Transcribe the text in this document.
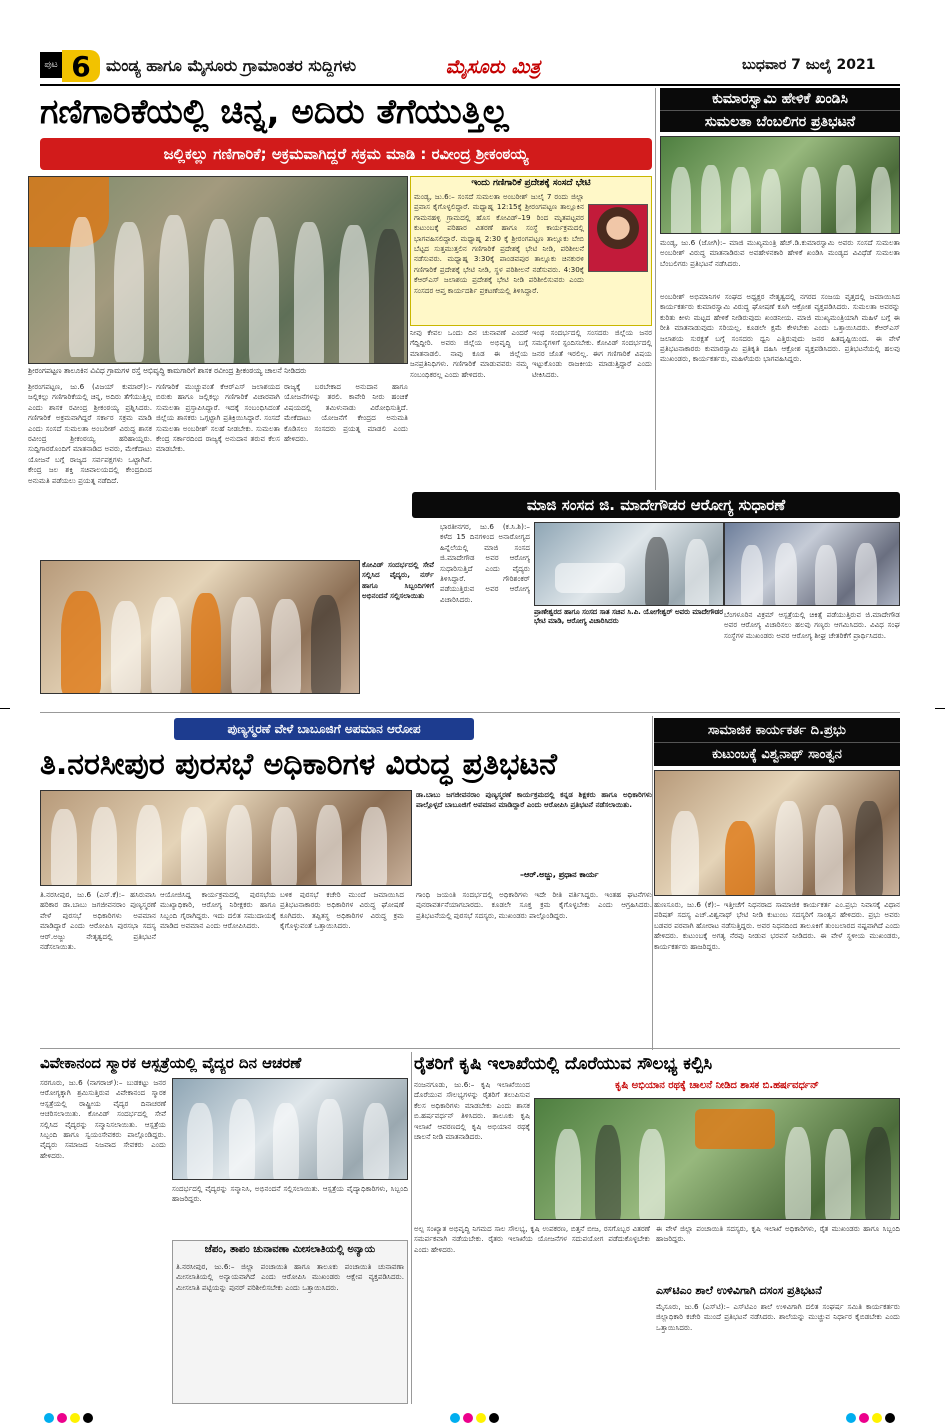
ಪುಟ 6 ಮಂಡ್ಯ ಹಾಗೂ ಮೈಸೂರು ಗ್ರಾಮಾಂತರ ಸುದ್ದಿಗಳು	ಮೈಸೂರು ಮಿತ್ರ	ಬುಧವಾರ 7 ಜುಲೈ 2021
ಗಣಿಗಾರಿಕೆಯಲ್ಲಿ ಚಿನ್ನ, ಅದಿರು ತೆಗೆಯುತ್ತಿಲ್ಲ
ಜಲ್ಲಿಕಲ್ಲು ಗಣಿಗಾರಿಕೆ; ಅಕ್ರಮವಾಗಿದ್ದರೆ ಸಕ್ರಮ ಮಾಡಿ : ರವೀಂದ್ರ ಶ್ರೀಕಂಠಯ್ಯ
ಶ್ರೀರಂಗಪಟ್ಟಣ ತಾಲೂಕಿನ ವಿವಿಧ ಗ್ರಾಮಗಳ ರಸ್ತೆ ಅಭಿವೃದ್ಧಿ ಕಾಮಗಾರಿಗೆ ಶಾಸಕ ರವೀಂದ್ರ ಶ್ರೀಕಂಠಯ್ಯ ಚಾಲನೆ ನೀಡಿದರು
ಇಂದು ಗಣಿಗಾರಿಕೆ ಪ್ರದೇಶಕ್ಕೆ ಸಂಸದೆ ಭೇಟಿ
ಮಂಡ್ಯ, ಜು.6:– ಸಂಸದೆ ಸುಮಲತಾ ಅಂಬರೀಶ್ ಜುಲೈ 7 ರಂದು ಜಿಲ್ಲಾ ಪ್ರವಾಸ ಕೈಗೊಳ್ಳಲಿದ್ದಾರೆ. ಮಧ್ಯಾಹ್ನ 12:15ಕ್ಕೆ ಶ್ರೀರಂಗಪಟ್ಟಣ ತಾಲ್ಲೂಕಿನ ಗಾಮನಹಳ್ಳಿ ಗ್ರಾಮದಲ್ಲಿ ಹೊಸ ಕೋವಿಡ್–19 ರಿಂದ ಮೃತಪಟ್ಟವರ ಕುಟುಂಬಕ್ಕೆ ಪರಿಹಾರ ವಿತರಣೆ ಹಾಗೂ ಸಂಸ್ಥೆ ಕಾರ್ಯಕ್ರಮದಲ್ಲಿ ಭಾಗವಹಿಸಲಿದ್ದಾರೆ. ಮಧ್ಯಾಹ್ನ 2:30 ಕ್ಕೆ ಶ್ರೀರಂಗಪಟ್ಟಣ ತಾಲ್ಲೂಕು ಬೇಬಿ ಬೆಟ್ಟದ ಸುತ್ತಮುತ್ತಲಿನ ಗಣಿಗಾರಿಕೆ ಪ್ರದೇಶಕ್ಕೆ ಭೇಟಿ ನೀಡಿ, ಪರಿಶೀಲನೆ ನಡೆಸುವರು. ಮಧ್ಯಾಹ್ನ 3:30ಕ್ಕೆ ಪಾಂಡವಪುರ ತಾಲ್ಲೂಕು ಚಿನಕುರಳಿ ಗಣಿಗಾರಿಕೆ ಪ್ರದೇಶಕ್ಕೆ ಭೇಟಿ ನೀಡಿ, ಸ್ಥಳ ಪರಿಶೀಲನೆ ನಡೆಸುವರು. 4:30ಕ್ಕೆ ಕೆಆರ್‌ಎಸ್ ಜಲಾಶಯ ಪ್ರದೇಶಕ್ಕೆ ಭೇಟಿ ನೀಡಿ ಪರಿಶೀಲಿಸುವರು ಎಂದು ಸಂಸದರ ಆಪ್ತ ಕಾರ್ಯದರ್ಶಿ ಪ್ರಕಟಣೆಯಲ್ಲಿ ತಿಳಿಸಿದ್ದಾರೆ.
ಶ್ರೀರಂಗಪಟ್ಟಣ, ಜು.6 (ವಿಜಯ್ ಕುಮಾರ್):– ಜಲ್ಲಿಕಲ್ಲು ಗಣಿಗಾರಿಕೆಯಲ್ಲಿ ಚಿನ್ನ, ಅದಿರು ತೆಗೆಯುತ್ತಿಲ್ಲ ಎಂದು ಶಾಸಕ ರವೀಂದ್ರ ಶ್ರೀಕಂಠಯ್ಯ ಪ್ರಶ್ನಿಸಿದರು. ಗಣಿಗಾರಿಕೆ ಅಕ್ರಮವಾಗಿದ್ದರೆ ಸರ್ಕಾರ ಸಕ್ರಮ ಮಾಡಿ ಎಂದು ಸಂಸದೆ ಸುಮಲತಾ ಅಂಬರೀಶ್ ವಿರುದ್ಧ ಶಾಸಕ ರವೀಂದ್ರ ಶ್ರೀಕಂಠಯ್ಯ ಹರಿಹಾಯ್ದರು. ಸುದ್ದಿಗಾರರೊಂದಿಗೆ ಮಾತನಾಡಿದ ಅವರು, ಮೇಕೆದಾಟು ಯೋಜನೆ ಬಗ್ಗೆ ರಾಜ್ಯದ ಸರ್ವಪಕ್ಷಗಳು ಒಟ್ಟಾಗಿವೆ. ಕೇಂದ್ರ ಜಲ ಶಕ್ತಿ ಸಚಿವಾಲಯದಲ್ಲಿ ಕೇಂದ್ರದಿಂದ ಅನುಮತಿ ಪಡೆಯಲು ಪ್ರಯತ್ನ ನಡೆದಿದೆ.
ಗಣಿಗಾರಿಕೆ ಮುಚ್ಚುವಂತೆ ಕೆಆರ್‌ಎಸ್ ಜಲಾಶಯದ ಬಿರುಕು ಹಾಗೂ ಜಲ್ಲಿಕಲ್ಲು ಗಣಿಗಾರಿಕೆ ವಿಚಾರವಾಗಿ ಸುಮಲತಾ ಪ್ರಸ್ತಾಪಿಸಿದ್ದಾರೆ. ಇದಕ್ಕೆ ಸಂಬಂಧಿಸಿದಂತೆ ಜಿಲ್ಲೆಯ ಶಾಸಕರು ಒಗ್ಗಟ್ಟಾಗಿ ಪ್ರತಿಕ್ರಿಯಿಸಿದ್ದಾರೆ. ಸಂಸದೆ ಸುಮಲತಾ ಅಂಬರೀಶ್ ಸಲಹೆ ನೀಡಬೇಕು. ಸುಮಲತಾ ಕೇಂದ್ರ ಸರ್ಕಾರದಿಂದ ರಾಜ್ಯಕ್ಕೆ ಅನುದಾನ ತರುವ ಕೆಲಸ ಮಾಡಬೇಕು.
ರಾಜ್ಯಕ್ಕೆ ಬರಬೇಕಾದ ಅನುದಾನ ಹಾಗೂ ಯೋಜನೆಗಳನ್ನು ತರಲಿ. ಕಾವೇರಿ ನೀರು ಹಂಚಿಕೆ ವಿಷಯದಲ್ಲಿ ತಮಿಳುನಾಡು ವಿರೋಧಿಸುತ್ತಿದೆ. ಮೇಕೆದಾಟು ಯೋಜನೆಗೆ ಕೇಂದ್ರದ ಅನುಮತಿ ಕೊಡಿಸಲು ಸಂಸದರು ಪ್ರಯತ್ನ ಮಾಡಲಿ ಎಂದು ಹೇಳಿದರು.
ನೀವು ಕೇವಲ ಒಂದು ದಿನ ಚುನಾವಣೆ ಎಂದರೆ ಗೆದ್ದಿದ್ದೀರಿ. ಅವರು ಜಿಲ್ಲೆಯ ಅಭಿವೃದ್ಧಿ ಬಗ್ಗೆ ಮಾತನಾಡಲಿ. ನಾವು ಕೂಡ ಈ ಜಿಲ್ಲೆಯ ಜನಪ್ರತಿನಿಧಿಗಳು. ಗಣಿಗಾರಿಕೆ ಮಾಡುವವರು ನಮ್ಮ ಸಂಬಂಧಿಕರಲ್ಲ ಎಂದು ಹೇಳಿದರು.
ಇಂಥ ಸಂದರ್ಭದಲ್ಲಿ ಸಂಸದರು ಜಿಲ್ಲೆಯ ಜನರ ಸಮಸ್ಯೆಗಳಿಗೆ ಸ್ಪಂದಿಸಬೇಕು. ಕೋವಿಡ್ ಸಂದರ್ಭದಲ್ಲಿ ಜನರ ಜೊತೆ ಇರಲಿಲ್ಲ. ಈಗ ಗಣಿಗಾರಿಕೆ ವಿಷಯ ಇಟ್ಟುಕೊಂಡು ರಾಜಕೀಯ ಮಾಡುತ್ತಿದ್ದಾರೆ ಎಂದು ಟೀಕಿಸಿದರು.
ಕುಮಾರಸ್ವಾಮಿ ಹೇಳಿಕೆ ಖಂಡಿಸಿ
ಸುಮಲತಾ ಬೆಂಬಲಿಗರ ಪ್ರತಿಭಟನೆ
ಮಂಡ್ಯ, ಜು.6 (ಜೋಗಿ):– ಮಾಜಿ ಮುಖ್ಯಮಂತ್ರಿ ಹೆಚ್.ಡಿ.ಕುಮಾರಸ್ವಾಮಿ ಅವರು ಸಂಸದೆ ಸುಮಲತಾ ಅಂಬರೀಶ್ ವಿರುದ್ಧ ಮಾತನಾಡಿರುವ ಅವಹೇಳನಕಾರಿ ಹೇಳಿಕೆ ಖಂಡಿಸಿ ಮಂಡ್ಯದ ವಿವಿಧೆಡೆ ಸುಮಲತಾ ಬೆಂಬಲಿಗರು ಪ್ರತಿಭಟನೆ ನಡೆಸಿದರು.
ಅಂಬರೀಶ್ ಅಭಿಮಾನಿಗಳ ಸಂಘದ ಅಧ್ಯಕ್ಷರ ನೇತೃತ್ವದಲ್ಲಿ ನಗರದ ಸಂಜಯ ವೃತ್ತದಲ್ಲಿ ಜಮಾಯಿಸಿದ ಕಾರ್ಯಕರ್ತರು ಕುಮಾರಸ್ವಾಮಿ ವಿರುದ್ಧ ಘೋಷಣೆ ಕೂಗಿ ಆಕ್ರೋಶ ವ್ಯಕ್ತಪಡಿಸಿದರು. ಸುಮಲತಾ ಅವರನ್ನು ಕುರಿತು ಕೀಳು ಮಟ್ಟದ ಹೇಳಿಕೆ ನೀಡಿರುವುದು ಖಂಡನೀಯ. ಮಾಜಿ ಮುಖ್ಯಮಂತ್ರಿಯಾಗಿ ಮಹಿಳೆ ಬಗ್ಗೆ ಈ ರೀತಿ ಮಾತನಾಡುವುದು ಸರಿಯಲ್ಲ. ಕೂಡಲೇ ಕ್ಷಮೆ ಕೇಳಬೇಕು ಎಂದು ಒತ್ತಾಯಿಸಿದರು. ಕೆಆರ್‌ಎಸ್ ಜಲಾಶಯ ಸುರಕ್ಷತೆ ಬಗ್ಗೆ ಸಂಸದರು ಧ್ವನಿ ಎತ್ತಿರುವುದು ಜನರ ಹಿತದೃಷ್ಟಿಯಿಂದ. ಈ ವೇಳೆ ಪ್ರತಿಭಟನಾಕಾರರು ಕುಮಾರಸ್ವಾಮಿ ಪ್ರತಿಕೃತಿ ದಹಿಸಿ ಆಕ್ರೋಶ ವ್ಯಕ್ತಪಡಿಸಿದರು. ಪ್ರತಿಭಟನೆಯಲ್ಲಿ ಹಲವು ಮುಖಂಡರು, ಕಾರ್ಯಕರ್ತರು, ಮಹಿಳೆಯರು ಭಾಗವಹಿಸಿದ್ದರು.
ಮಾಜಿ ಸಂಸದ ಜಿ. ಮಾದೇಗೌಡರ ಆರೋಗ್ಯ ಸುಧಾರಣೆ
ಕೋವಿಡ್ ಸಂದರ್ಭದಲ್ಲಿ ಸೇವೆ ಸಲ್ಲಿಸಿದ ವೈದ್ಯರು, ನರ್ಸ್ ಹಾಗೂ ಸಿಬ್ಬಂದಿಗಳಿಗೆ ಅಭಿನಂದನೆ ಸಲ್ಲಿಸಲಾಯಿತು
ಪ್ರಾಣೇಶ್ವರದ ಹಾಗೂ ಸಂಸದ ಸಾತ ಸಚಿವ ಸಿ.ಪಿ. ಯೋಗೇಶ್ವರ್ ಅವರು ಮಾದೇಗೌಡರ ಭೇಟಿ ಮಾಡಿ, ಆರೋಗ್ಯ ವಿಚಾರಿಸಿದರು
ಭಾರತೀನಗರ, ಜು.6 (ಕ.ಸಿ.ಶಿ):– ಕಳೆದ 15 ದಿನಗಳಿಂದ ಅನಾರೋಗ್ಯದ ಹಿನ್ನೆಲೆಯಲ್ಲಿ ಮಾಜಿ ಸಂಸದ ಜಿ.ಮಾದೇಗೌಡ ಅವರ ಆರೋಗ್ಯ ಸುಧಾರಿಸುತ್ತಿದೆ ಎಂದು ವೈದ್ಯರು ತಿಳಿಸಿದ್ದಾರೆ. ಗೌರಿಶಂಕರ್ ಪಡೆಯುತ್ತಿರುವ ಅವರ ಆರೋಗ್ಯ ವಿಚಾರಿಸಿದರು.
ಬೆಂಗಳೂರಿನ ವಿಕ್ರಮ್ ಆಸ್ಪತ್ರೆಯಲ್ಲಿ ಚಿಕಿತ್ಸೆ ಪಡೆಯುತ್ತಿರುವ ಜಿ.ಮಾದೇಗೌಡ ಅವರ ಆರೋಗ್ಯ ವಿಚಾರಿಸಲು ಹಲವು ಗಣ್ಯರು ಆಗಮಿಸಿದರು. ವಿವಿಧ ಸಂಘ ಸಂಸ್ಥೆಗಳ ಮುಖಂಡರು ಅವರ ಆರೋಗ್ಯ ಶೀಘ್ರ ಚೇತರಿಕೆಗೆ ಪ್ರಾರ್ಥಿಸಿದರು.
ಪುಣ್ಯಸ್ಮರಣೆ ವೇಳೆ ಬಾಬೂಜಿಗೆ ಅಪಮಾನ ಆರೋಪ
ತಿ.ನರಸೀಪುರ ಪುರಸಭೆ ಅಧಿಕಾರಿಗಳ ವಿರುದ್ಧ ಪ್ರತಿಭಟನೆ
ಡಾ.ಬಾಬು ಜಗಜೀವನರಾಂ ಪುಣ್ಯಸ್ಮರಣೆ ಕಾರ್ಯಕ್ರಮದಲ್ಲಿ ಕನ್ನಡ ಶಿಕ್ಷಕರು ಹಾಗೂ ಅಧಿಕಾರಿಗಳು ಪಾಲ್ಗೊಳ್ಳದೆ ಬಾಬೂಜಿಗೆ ಅಪಮಾನ ಮಾಡಿದ್ದಾರೆ ಎಂದು ಆರೋಪಿಸಿ ಪ್ರತಿಭಟನೆ ನಡೆಸಲಾಯಿತು.
–ಆರ್.ಅಜ್ಜು, ಪ್ರಧಾನ ಕಾರ್ಯ
ತಿ.ನರಸೀಪುರ, ಜು.6 (ಎಸ್.ಕೆ):– ಹಸಿರುವಾಸಿ ಹರಿಕಾರ ಡಾ.ಬಾಬು ಜಗಜೀವನರಾಂ ಪುಣ್ಯಸ್ಮರಣೆ ವೇಳೆ ಪುರಸಭೆ ಅಧಿಕಾರಿಗಳು ಅಪಮಾನ ಮಾಡಿದ್ದಾರೆ ಎಂದು ಆರೋಪಿಸಿ ಪುರಸಭಾ ಸದಸ್ಯ ಆರ್.ಅಜ್ಜು ನೇತೃತ್ವದಲ್ಲಿ ಪ್ರತಿಭಟನೆ ನಡೆಸಲಾಯಿತು.
ಆಯೋಜಿಸಿದ್ದ ಕಾರ್ಯಕ್ರಮದಲ್ಲಿ ಪುರಸಭೆಯ ಮುಖ್ಯಾಧಿಕಾರಿ, ಆರೋಗ್ಯ ನಿರೀಕ್ಷಕರು ಹಾಗೂ ಸಿಬ್ಬಂದಿ ಗೈರಾಗಿದ್ದರು. ಇದು ದಲಿತ ಸಮುದಾಯಕ್ಕೆ ಮಾಡಿದ ಅವಮಾನ ಎಂದು ಆರೋಪಿಸಿದರು.
ಬಳಿಕ ಪುರಸಭೆ ಕಚೇರಿ ಮುಂದೆ ಜಮಾಯಿಸಿದ ಪ್ರತಿಭಟನಾಕಾರರು ಅಧಿಕಾರಿಗಳ ವಿರುದ್ಧ ಘೋಷಣೆ ಕೂಗಿದರು. ತಪ್ಪಿತಸ್ಥ ಅಧಿಕಾರಿಗಳ ವಿರುದ್ಧ ಕ್ರಮ ಕೈಗೊಳ್ಳುವಂತೆ ಒತ್ತಾಯಿಸಿದರು.
ಗಾಂಧಿ ಜಯಂತಿ ಸಂದರ್ಭದಲ್ಲಿ ಅಧಿಕಾರಿಗಳು ಇದೇ ರೀತಿ ವರ್ತಿಸಿದ್ದರು. ಇಂತಹ ಘಟನೆಗಳು ಪುನರಾವರ್ತನೆಯಾಗಬಾರದು. ಕೂಡಲೇ ಸೂಕ್ತ ಕ್ರಮ ಕೈಗೊಳ್ಳಬೇಕು ಎಂದು ಆಗ್ರಹಿಸಿದರು. ಪ್ರತಿಭಟನೆಯಲ್ಲಿ ಪುರಸಭೆ ಸದಸ್ಯರು, ಮುಖಂಡರು ಪಾಲ್ಗೊಂಡಿದ್ದರು.
ಸಾಮಾಜಿಕ ಕಾರ್ಯಕರ್ತ ದಿ.ಪ್ರಭು
ಕುಟುಂಬಕ್ಕೆ ವಿಶ್ವನಾಥ್ ಸಾಂತ್ವನ
ಹುಣಸೂರು, ಜು.6 (ಕೆ):– ಇತ್ತೀಚೆಗೆ ನಿಧನರಾದ ಸಾಮಾಜಿಕ ಕಾರ್ಯಕರ್ತ ಎಂ.ಪ್ರಭು ನಿವಾಸಕ್ಕೆ ವಿಧಾನ ಪರಿಷತ್ ಸದಸ್ಯ ಎಚ್.ವಿಶ್ವನಾಥ್ ಭೇಟಿ ನೀಡಿ ಕುಟುಂಬ ಸದಸ್ಯರಿಗೆ ಸಾಂತ್ವನ ಹೇಳಿದರು. ಪ್ರಭು ಅವರು ಬಡವರ ಪರವಾಗಿ ಹೋರಾಟ ನಡೆಸುತ್ತಿದ್ದರು. ಅವರ ನಿಧನದಿಂದ ತಾಲೂಕಿಗೆ ತುಂಬಲಾರದ ನಷ್ಟವಾಗಿದೆ ಎಂದು ಹೇಳಿದರು. ಕುಟುಂಬಕ್ಕೆ ಅಗತ್ಯ ನೆರವು ನೀಡುವ ಭರವಸೆ ನೀಡಿದರು. ಈ ವೇಳೆ ಸ್ಥಳೀಯ ಮುಖಂಡರು, ಕಾರ್ಯಕರ್ತರು ಹಾಜರಿದ್ದರು.
ವಿವೇಕಾನಂದ ಸ್ಮಾರಕ ಆಸ್ಪತ್ರೆಯಲ್ಲಿ ವೈದ್ಯರ ದಿನ ಆಚರಣೆ
ಸರಗೂರು, ಜು.6 (ನಾಗರಾಜ್):– ಬುಡಕಟ್ಟು ಜನರ ಆರೋಗ್ಯಕ್ಕಾಗಿ ಶ್ರಮಿಸುತ್ತಿರುವ ವಿವೇಕಾನಂದ ಸ್ಮಾರಕ ಆಸ್ಪತ್ರೆಯಲ್ಲಿ ರಾಷ್ಟ್ರೀಯ ವೈದ್ಯರ ದಿನಾಚರಣೆ ಆಚರಿಸಲಾಯಿತು. ಕೋವಿಡ್ ಸಂದರ್ಭದಲ್ಲಿ ಸೇವೆ ಸಲ್ಲಿಸಿದ ವೈದ್ಯರನ್ನು ಸನ್ಮಾನಿಸಲಾಯಿತು. ಆಸ್ಪತ್ರೆಯ ಸಿಬ್ಬಂದಿ ಹಾಗೂ ಸ್ವಯಂಸೇವಕರು ಪಾಲ್ಗೊಂಡಿದ್ದರು. ವೈದ್ಯರು ಸಮಾಜದ ನಿಜವಾದ ಸೇವಕರು ಎಂದು ಹೇಳಿದರು.
ಸಂದರ್ಭದಲ್ಲಿ ವೈದ್ಯರನ್ನು ಸನ್ಮಾನಿಸಿ, ಅಭಿನಂದನೆ ಸಲ್ಲಿಸಲಾಯಿತು. ಆಸ್ಪತ್ರೆಯ ವೈದ್ಯಾಧಿಕಾರಿಗಳು, ಸಿಬ್ಬಂದಿ ಹಾಜರಿದ್ದರು.
ಜೆಪಂ, ತಾಪಂ ಚುನಾವಣಾ ಮೀಸಲಾತಿಯಲ್ಲಿ ಅನ್ಯಾಯ
ತಿ.ನರಸೀಪುರ, ಜು.6:– ಜಿಲ್ಲಾ ಪಂಚಾಯಿತಿ ಹಾಗೂ ತಾಲೂಕು ಪಂಚಾಯಿತಿ ಚುನಾವಣಾ ಮೀಸಲಾತಿಯಲ್ಲಿ ಅನ್ಯಾಯವಾಗಿದೆ ಎಂದು ಆರೋಪಿಸಿ ಮುಖಂಡರು ಆಕ್ಷೇಪ ವ್ಯಕ್ತಪಡಿಸಿದರು. ಮೀಸಲಾತಿ ಪಟ್ಟಿಯನ್ನು ಪುನರ್ ಪರಿಶೀಲಿಸಬೇಕು ಎಂದು ಒತ್ತಾಯಿಸಿದರು.
ರೈತರಿಗೆ ಕೃಷಿ ಇಲಾಖೆಯಲ್ಲಿ ದೊರೆಯುವ ಸೌಲಭ್ಯ ಕಲ್ಪಿಸಿ
ಕೃಷಿ ಅಭಿಯಾನ ರಥಕ್ಕೆ ಚಾಲನೆ ನೀಡಿದ ಶಾಸಕ ಬಿ.ಹರ್ಷವರ್ಧನ್
ನಂಜನಗೂಡು, ಜು.6:– ಕೃಷಿ ಇಲಾಖೆಯಿಂದ ದೊರೆಯುವ ಸೌಲಭ್ಯಗಳನ್ನು ರೈತರಿಗೆ ತಲುಪಿಸುವ ಕೆಲಸ ಅಧಿಕಾರಿಗಳು ಮಾಡಬೇಕು ಎಂದು ಶಾಸಕ ಬಿ.ಹರ್ಷವರ್ಧನ್ ತಿಳಿಸಿದರು. ತಾಲೂಕು ಕೃಷಿ ಇಲಾಖೆ ಆವರಣದಲ್ಲಿ ಕೃಷಿ ಅಭಿಯಾನ ರಥಕ್ಕೆ ಚಾಲನೆ ನೀಡಿ ಮಾತನಾಡಿದರು.
ಅಲ್ಪ ಸಂಖ್ಯಾತ ಅಭಿವೃದ್ಧಿ ನಿಗಮದ ಸಾಲ ಸೌಲಭ್ಯ, ಕೃಷಿ ಉಪಕರಣ, ಬಿತ್ತನೆ ಬೀಜ, ರಸಗೊಬ್ಬರ ವಿತರಣೆ ಸಮರ್ಪಕವಾಗಿ ನಡೆಯಬೇಕು. ರೈತರು ಇಲಾಖೆಯ ಯೋಜನೆಗಳ ಸದುಪಯೋಗ ಪಡೆದುಕೊಳ್ಳಬೇಕು ಎಂದು ಹೇಳಿದರು.
ಈ ವೇಳೆ ಜಿಲ್ಲಾ ಪಂಚಾಯಿತಿ ಸದಸ್ಯರು, ಕೃಷಿ ಇಲಾಖೆ ಅಧಿಕಾರಿಗಳು, ರೈತ ಮುಖಂಡರು ಹಾಗೂ ಸಿಬ್ಬಂದಿ ಹಾಜರಿದ್ದರು.
ಎಸ್‌ಟಿಎಂ ಶಾಲೆ ಉಳಿವಿಗಾಗಿ ದಸಂಸ ಪ್ರತಿಭಟನೆ
ಮೈಸೂರು, ಜು.6 (ಎಸ್‌ಟಿ):– ಎಸ್‌ಟಿಎಂ ಶಾಲೆ ಉಳಿವಿಗಾಗಿ ದಲಿತ ಸಂಘರ್ಷ ಸಮಿತಿ ಕಾರ್ಯಕರ್ತರು ಜಿಲ್ಲಾಧಿಕಾರಿ ಕಚೇರಿ ಮುಂದೆ ಪ್ರತಿಭಟನೆ ನಡೆಸಿದರು. ಶಾಲೆಯನ್ನು ಮುಚ್ಚುವ ನಿರ್ಧಾರ ಕೈಬಿಡಬೇಕು ಎಂದು ಒತ್ತಾಯಿಸಿದರು.
